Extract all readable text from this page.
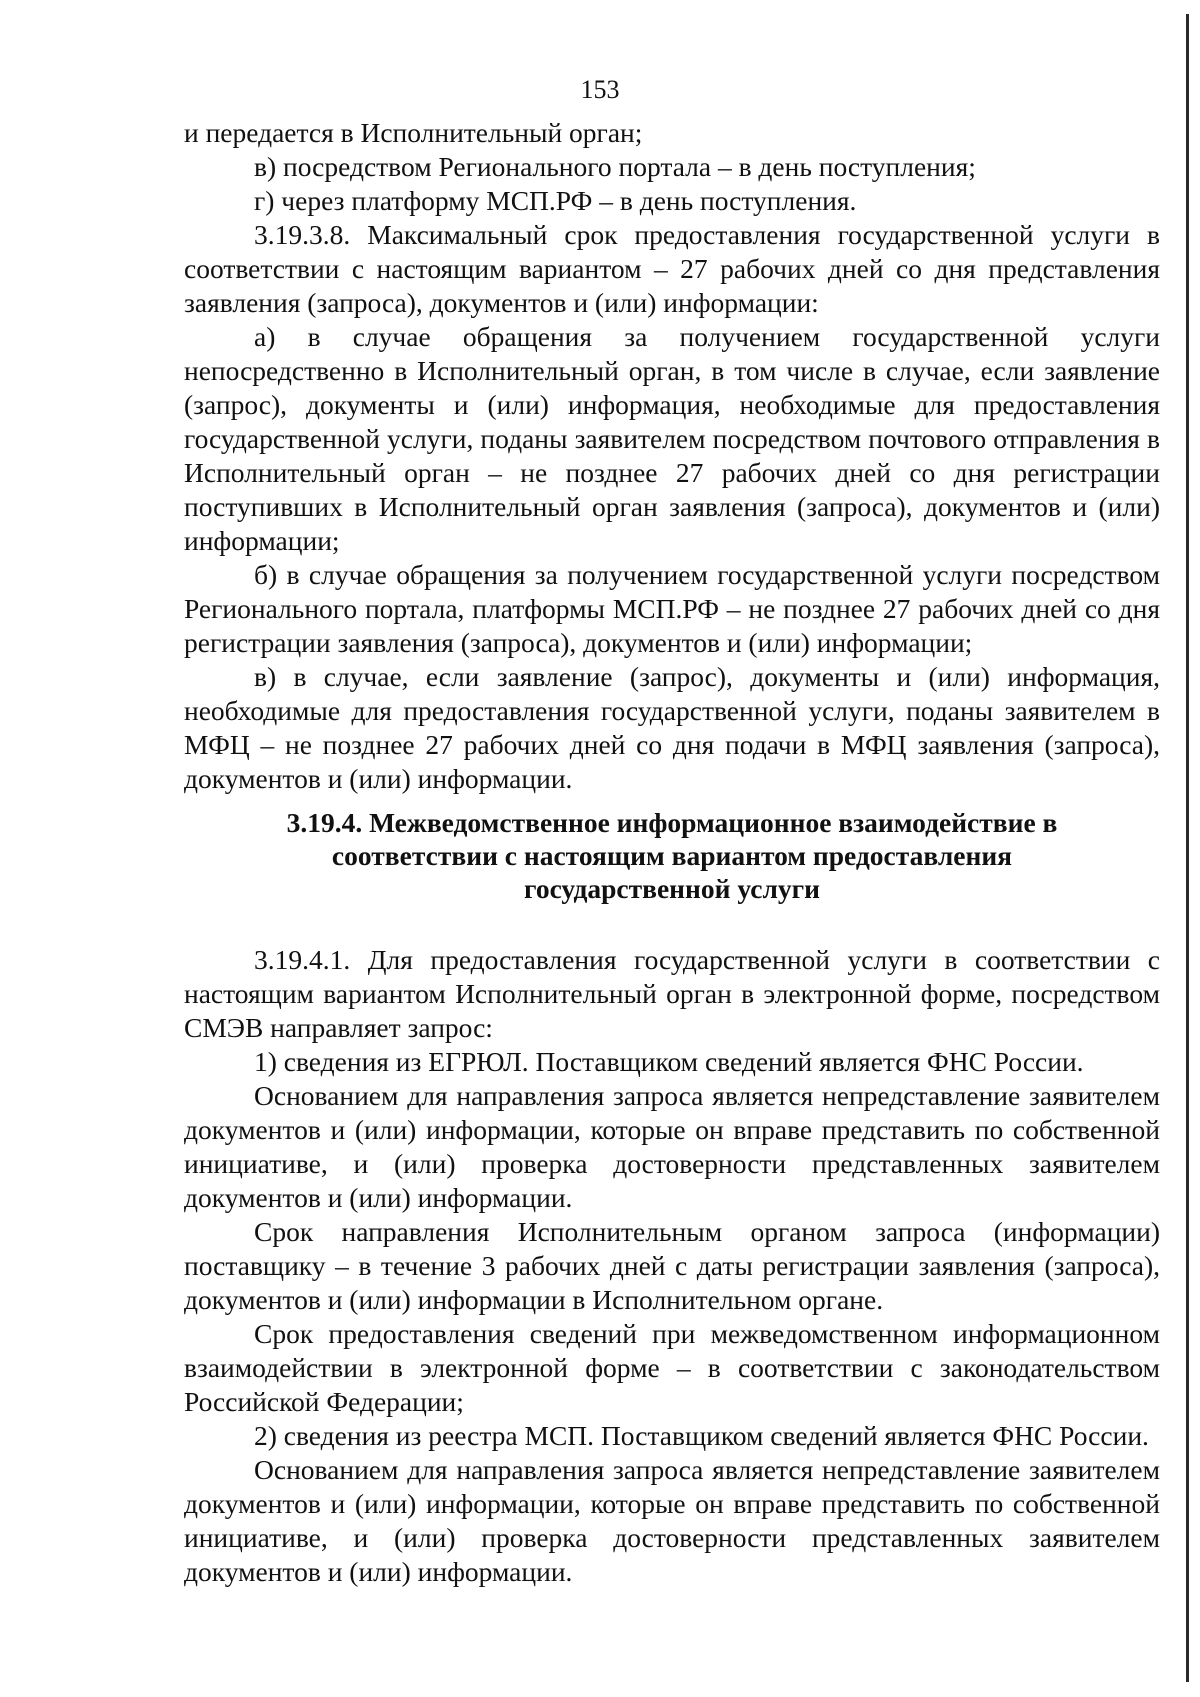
153

и передается в Исполнительный орган;

в) посредством Регионального портала – в день поступления;

г) через платформу МСП.РФ – в день поступления.

3.19.3.8. Максимальный срок предоставления государственной услуги в соответствии с настоящим вариантом – 27 рабочих дней со дня представления заявления (запроса), документов и (или) информации:

а) в случае обращения за получением государственной услуги непосредственно в Исполнительный орган, в том числе в случае, если заявление (запрос), документы и (или) информация, необходимые для предоставления государственной услуги, поданы заявителем посредством почтового отправления в Исполнительный орган – не позднее 27 рабочих дней со дня регистрации поступивших в Исполнительный орган заявления (запроса), документов и (или) информации;

б) в случае обращения за получением государственной услуги посредством Регионального портала, платформы МСП.РФ – не позднее 27 рабочих дней со дня регистрации заявления (запроса), документов и (или) информации;

в) в случае, если заявление (запрос), документы и (или) информация, необходимые для предоставления государственной услуги, поданы заявителем в МФЦ – не позднее 27 рабочих дней со дня подачи в МФЦ заявления (запроса), документов и (или) информации.

3.19.4. Межведомственное информационное взаимодействие в
соответствии с настоящим вариантом предоставления
государственной услуги

3.19.4.1. Для предоставления государственной услуги в соответствии с настоящим вариантом Исполнительный орган в электронной форме, посредством СМЭВ направляет запрос:

1) сведения из ЕГРЮЛ. Поставщиком сведений является ФНС России.

Основанием для направления запроса является непредставление заявителем документов и (или) информации, которые он вправе представить по собственной инициативе, и (или) проверка достоверности представленных заявителем документов и (или) информации.

Срок направления Исполнительным органом запроса (информации) поставщику – в течение 3 рабочих дней с даты регистрации заявления (запроса), документов и (или) информации в Исполнительном органе.

Срок предоставления сведений при межведомственном информационном взаимодействии в электронной форме – в соответствии с законодательством Российской Федерации;

2) сведения из реестра МСП. Поставщиком сведений является ФНС России.

Основанием для направления запроса является непредставление заявителем документов и (или) информации, которые он вправе представить по собственной инициативе, и (или) проверка достоверности представленных заявителем документов и (или) информации.
